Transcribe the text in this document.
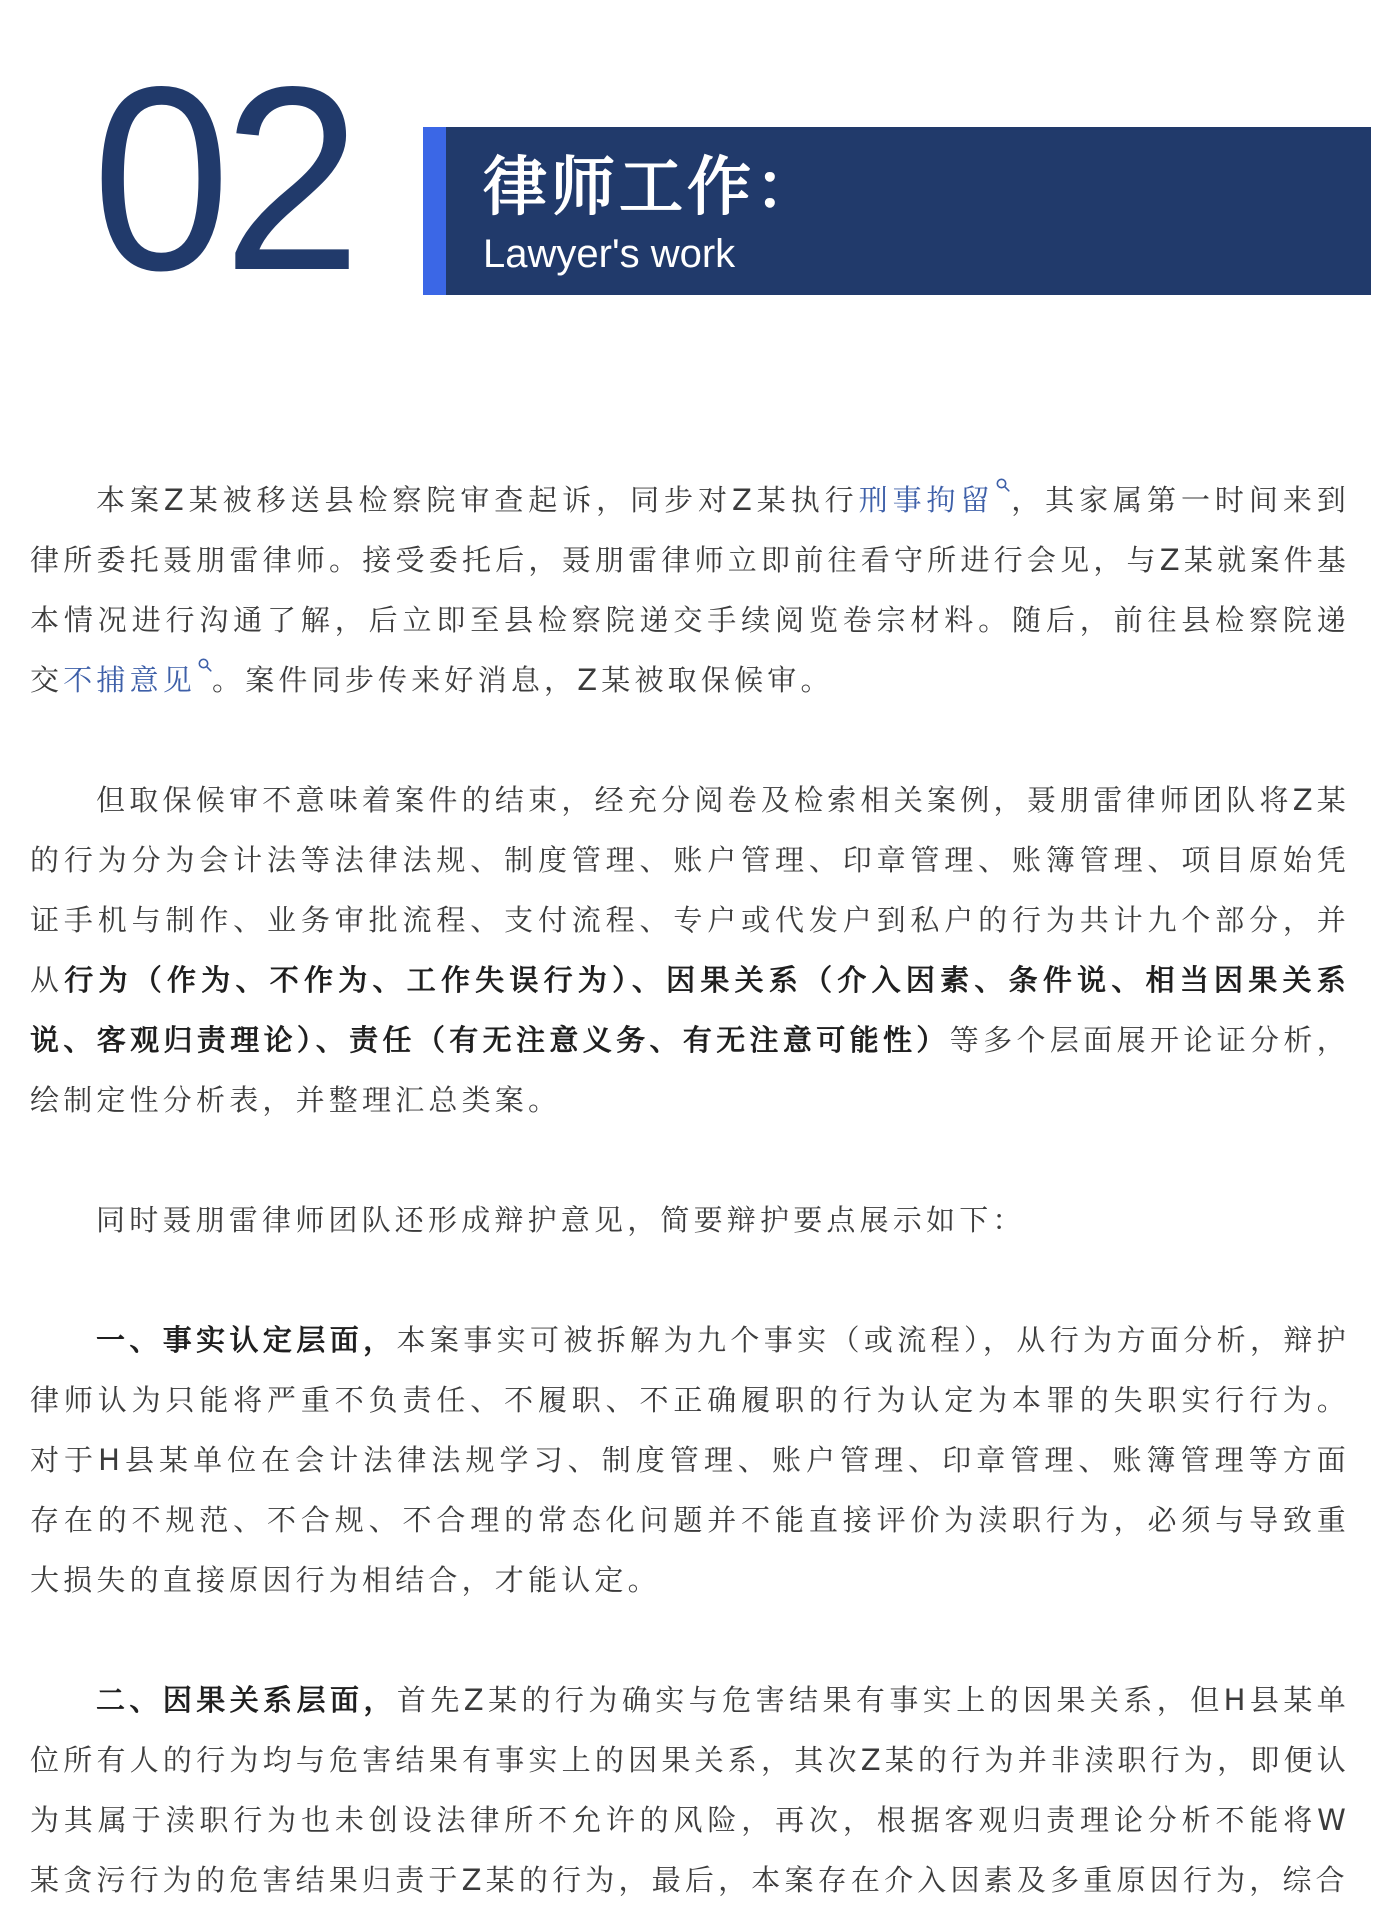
02 律师工作：
Lawyer's work

本案Z某被移送县检察院审查起诉，同步对Z某执行刑事拘留 ，其家属第一时间来到律所委托聂朋雷律师。接受委托后，聂朋雷律师立即前往看守所进行会见，与Z某就案件基本情况进行沟通了解，后立即至县检察院递交手续阅览卷宗材料。随后，前往县检察院递交不捕意见 。案件同步传来好消息，Z某被取保候审。

但取保候审不意味着案件的结束，经充分阅卷及检索相关案例，聂朋雷律师团队将Z某的行为分为会计法等法律法规、制度管理、账户管理、印章管理、账簿管理、项目原始凭证手机与制作、业务审批流程、支付流程、专户或代发户到私户的行为共计九个部分，并从行为（作为、不作为、工作失误行为）、因果关系（介入因素、条件说、相当因果关系说、客观归责理论）、责任（有无注意义务、有无注意可能性）等多个层面展开论证分析，绘制定性分析表，并整理汇总类案。

同时聂朋雷律师团队还形成辩护意见，简要辩护要点展示如下：

一、事实认定层面，本案事实可被拆解为九个事实（或流程），从行为方面分析，辩护律师认为只能将严重不负责任、不履职、不正确履职的行为认定为本罪的失职实行行为。对于H县某单位在会计法律法规学习、制度管理、账户管理、印章管理、账簿管理等方面存在的不规范、不合规、不合理的常态化问题并不能直接评价为渎职行为，必须与导致重大损失的直接原因行为相结合，才能认定。

二、因果关系层面，首先Z某的行为确实与危害结果有事实上的因果关系，但H县某单位所有人的行为均与危害结果有事实上的因果关系，其次Z某的行为并非渎职行为，即便认为其属于渎职行为也未创设法律所不允许的风险，再次，根据客观归责理论分析不能将W某贪污行为的危害结果归责于Z某的行为，最后，本案存在介入因素及多重原因行为，综合
